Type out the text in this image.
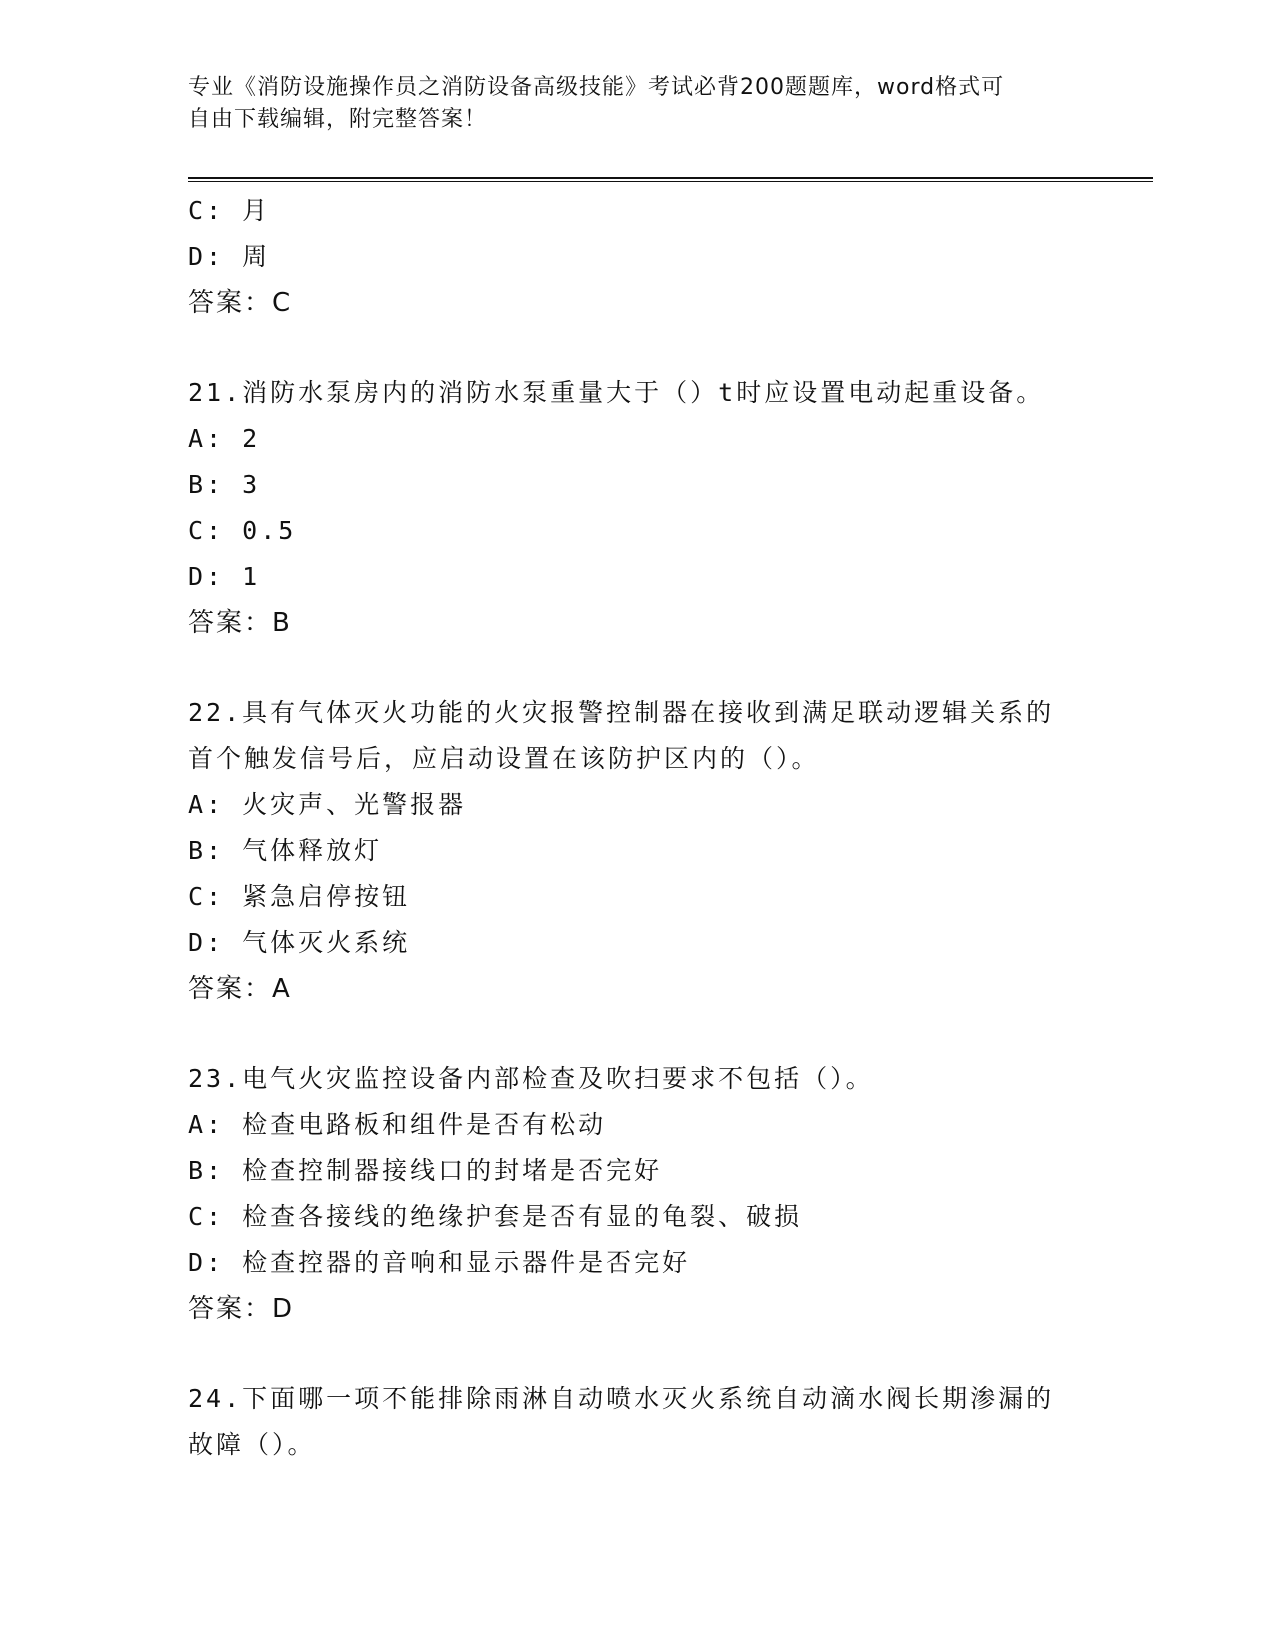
专业《消防设施操作员之消防设备高级技能》考试必背200题题库，word格式可
自由下载编辑，附完整答案！
C: 月
D: 周
答案：C
21.消防水泵房内的消防水泵重量大于（）t时应设置电动起重设备。
A: 2
B: 3
C: 0.5
D: 1
答案：B
22.具有气体灭火功能的火灾报警控制器在接收到满足联动逻辑关系的
首个触发信号后，应启动设置在该防护区内的（）。
A: 火灾声、光警报器
B: 气体释放灯
C: 紧急启停按钮
D: 气体灭火系统
答案：A
23.电气火灾监控设备内部检查及吹扫要求不包括（）。
A: 检查电路板和组件是否有松动
B: 检查控制器接线口的封堵是否完好
C: 检查各接线的绝缘护套是否有显的龟裂、破损
D: 检查控器的音响和显示器件是否完好
答案：D
24.下面哪一项不能排除雨淋自动喷水灭火系统自动滴水阀长期渗漏的
故障（）。
